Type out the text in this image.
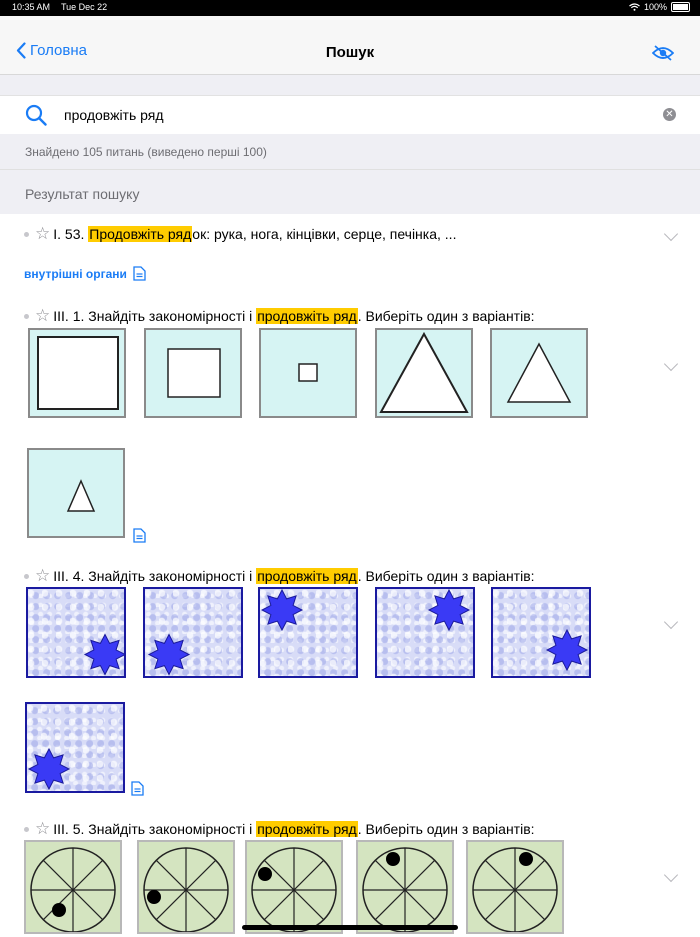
10:35 AM Tue Dec 22	100%
Головна	Пошук
продовжіть ряд	✕
Знайдено 105 питань (виведено перші 100)
Результат пошуку
☆ I. 53.
Продовжіть ряд ок: рука, нога, кінцівки, серце, печінка, ...
внутрішні органи
☆ III. 1. Знайдіть закономірності і
продовжіть ряд . Виберіть один з варіантів:
☆ III. 4. Знайдіть закономірності і
продовжіть ряд . Виберіть один з варіантів:
☆ III. 5. Знайдіть закономірності і
продовжіть ряд . Виберіть один з варіантів:
